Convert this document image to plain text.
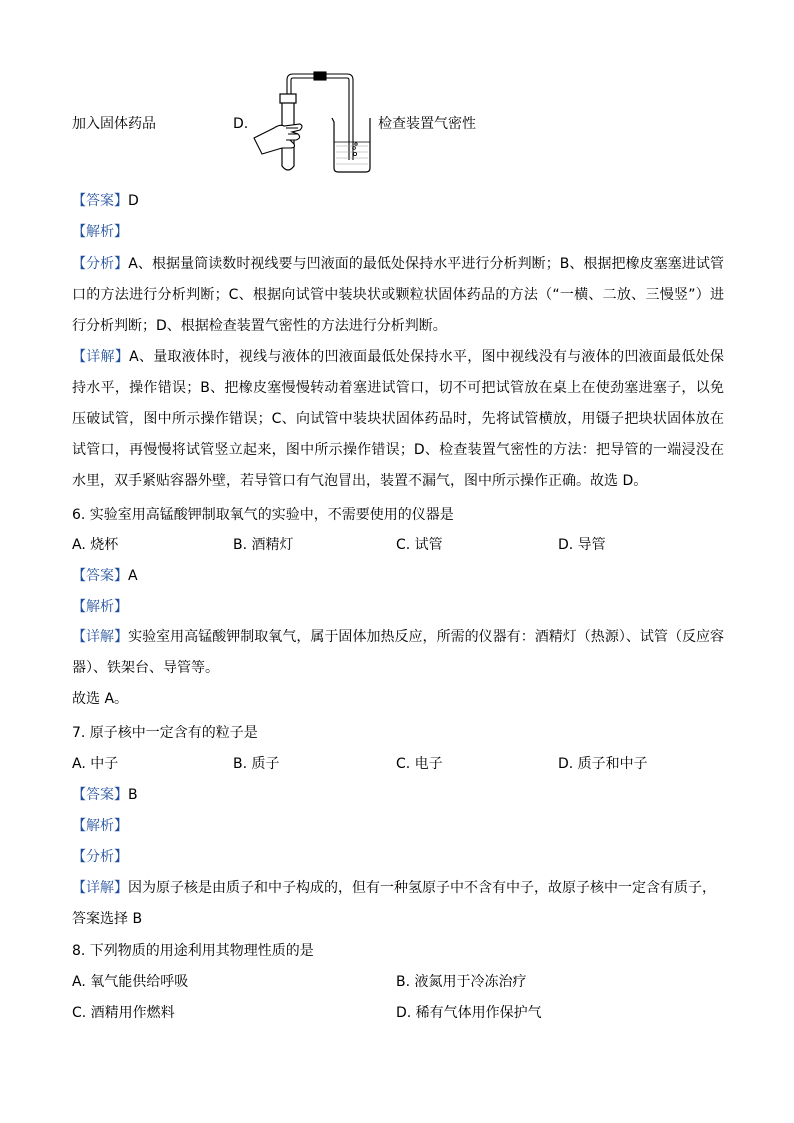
加入固体药品	D.	检查装置气密性
【答案】D
【解析】
【分析】A、根据量筒读数时视线要与凹液面的最低处保持水平进行分析判断；B、根据把橡皮塞塞进试管口的方法进行分析判断；C、根据向试管中装块状或颗粒状固体药品的方法（“一横、二放、三慢竖”）进行分析判断；D、根据检查装置气密性的方法进行分析判断。
【详解】A、量取液体时，视线与液体的凹液面最低处保持水平，图中视线没有与液体的凹液面最低处保持水平，操作错误；B、把橡皮塞慢慢转动着塞进试管口，切不可把试管放在桌上在使劲塞进塞子，以免压破试管，图中所示操作错误；C、向试管中装块状固体药品时，先将试管横放，用镊子把块状固体放在试管口，再慢慢将试管竖立起来，图中所示操作错误；D、检查装置气密性的方法：把导管的一端浸没在水里，双手紧贴容器外壁，若导管口有气泡冒出，装置不漏气，图中所示操作正确。故选 D。
6. 实验室用高锰酸钾制取氧气的实验中，不需要使用的仪器是
A. 烧杯	B. 酒精灯	C. 试管	D. 导管
【答案】A
【解析】
【详解】实验室用高锰酸钾制取氧气，属于固体加热反应，所需的仪器有：酒精灯（热源）、试管（反应容器）、铁架台、导管等。
故选 A。
7. 原子核中一定含有的粒子是
A. 中子	B. 质子	C. 电子	D. 质子和中子
【答案】B
【解析】
【分析】
【详解】因为原子核是由质子和中子构成的，但有一种氢原子中不含有中子，故原子核中一定含有质子，
答案选择 B
8. 下列物质的用途利用其物理性质的是
A. 氧气能供给呼吸	B. 液氮用于冷冻治疗
C. 酒精用作燃料	D. 稀有气体用作保护气
